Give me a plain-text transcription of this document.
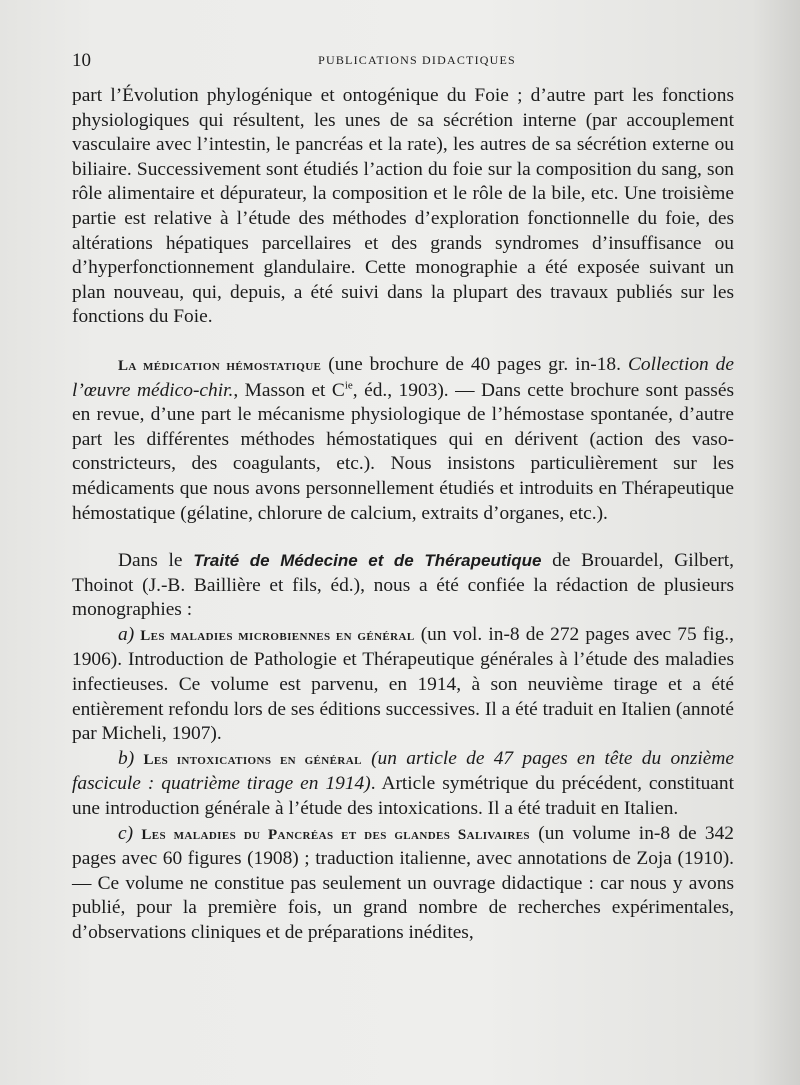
10	PUBLICATIONS DIDACTIQUES

part l’Évolution phylogénique et ontogénique du Foie ; d’autre part les fonctions physiologiques qui résultent, les unes de sa sécrétion interne (par accouplement vasculaire avec l’intestin, le pancréas et la rate), les autres de sa sécrétion externe ou biliaire. Successivement sont étudiés l’action du foie sur la composition du sang, son rôle alimentaire et dépurateur, la composition et le rôle de la bile, etc. Une troisième partie est relative à l’étude des méthodes d’exploration fonctionnelle du foie, des altérations hépatiques parcellaires et des grands syndromes d’insuffisance ou d’hyperfonctionnement glandulaire. Cette monographie a été exposée suivant un plan nouveau, qui, depuis, a été suivi dans la plupart des travaux publiés sur les fonctions du Foie.

La médication hémostatique (une brochure de 40 pages gr. in-18. Collection de l’œuvre médico-chir., Masson et $C^{ie}$, éd., 1903). — Dans cette brochure sont passés en revue, d’une part le mécanisme physiologique de l’hémostase spontanée, d’autre part les différentes méthodes hémostatiques qui en dérivent (action des vaso-constricteurs, des coagulants, etc.). Nous insistons particulièrement sur les médicaments que nous avons personnellement étudiés et introduits en Thérapeutique hémostatique (gélatine, chlorure de calcium, extraits d’organes, etc.).

Dans le Traité de Médecine et de Thérapeutique de Brouardel, Gilbert, Thoinot (J.-B. Baillière et fils, éd.), nous a été confiée la rédaction de plusieurs monographies :

a) Les maladies microbiennes en général (un vol. in-8 de 272 pages avec 75 fig., 1906). Introduction de Pathologie et Thérapeutique générales à l’étude des maladies infectieuses. Ce volume est parvenu, en 1914, à son neuvième tirage et a été entièrement refondu lors de ses éditions successives. Il a été traduit en Italien (annoté par Micheli, 1907).

b) Les intoxications en général (un article de 47 pages en tête du onzième fascicule : quatrième tirage en 1914). Article symétrique du précédent, constituant une introduction générale à l’étude des intoxications. Il a été traduit en Italien.

c) Les maladies du Pancréas et des glandes Salivaires (un volume in-8 de 342 pages avec 60 figures (1908) ; traduction italienne, avec annotations de Zoja (1910). — Ce volume ne constitue pas seulement un ouvrage didactique : car nous y avons publié, pour la première fois, un grand nombre de recherches expérimentales, d’observations cliniques et de préparations inédites,
